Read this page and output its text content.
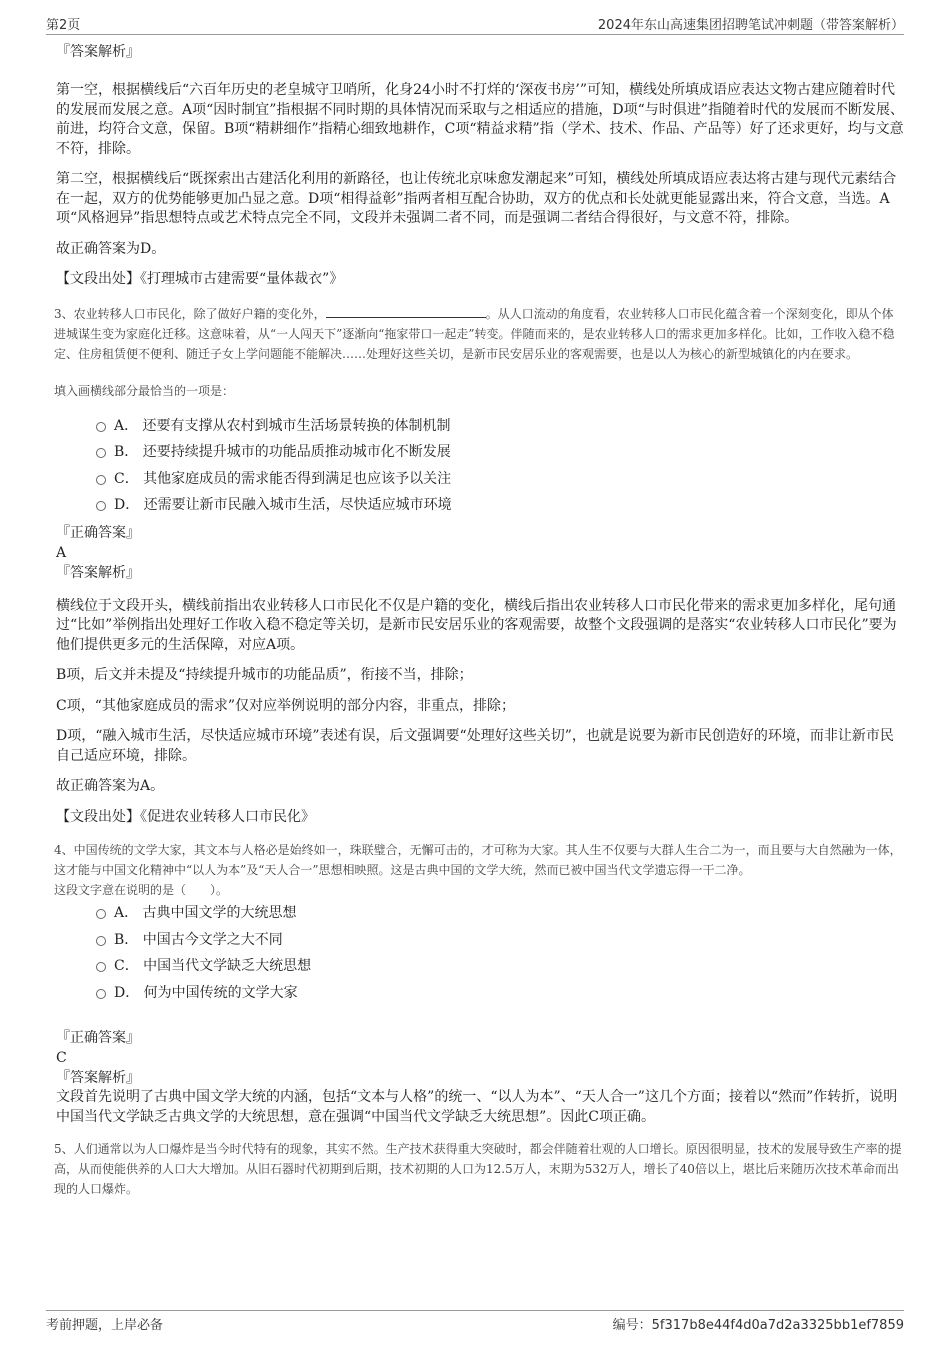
第2页	2024年东山高速集团招聘笔试冲刺题（带答案解析）
『答案解析』

第一空，根据横线后“六百年历史的老皇城守卫哨所，化身24小时不打烊的‘深夜书房’”可知，横线处所填成语应表达文物古建应随着时代的发展而发展之意。A项“因时制宜”指根据不同时期的具体情况而采取与之相适应的措施，D项“与时俱进”指随着时代的发展而不断发展、前进，均符合文意，保留。B项“精耕细作”指精心细致地耕作，C项“精益求精”指（学术、技术、作品、产品等）好了还求更好，均与文意不符，排除。

第二空，根据横线后“既探索出古建活化利用的新路径，也让传统北京味愈发潮起来”可知，横线处所填成语应表达将古建与现代元素结合在一起，双方的优势能够更加凸显之意。D项“相得益彰”指两者相互配合协助，双方的优点和长处就更能显露出来，符合文意，当选。A项“风格迥异”指思想特点或艺术特点完全不同，文段并未强调二者不同，而是强调二者结合得很好，与文意不符，排除。

故正确答案为D。

【文段出处】《打理城市古建需要“量体裁衣”》

3、农业转移人口市民化，除了做好户籍的变化外，	。从人口流动的角度看，农业转移人口市民化蕴含着一个深刻变化，即从个体进城谋生变为家庭化迁移。这意味着，从“一人闯天下”逐渐向“拖家带口一起走”转变。伴随而来的，是农业转移人口的需求更加多样化。比如，工作收入稳不稳定、住房租赁便不便利、随迁子女上学问题能不能解决……处理好这些关切，是新市民安居乐业的客观需要，也是以人为核心的新型城镇化的内在要求。

填入画横线部分最恰当的一项是：

A． 还要有支撑从农村到城市生活场景转换的体制机制
B． 还要持续提升城市的功能品质推动城市化不断发展
C． 其他家庭成员的需求能否得到满足也应该予以关注
D． 还需要让新市民融入城市生活，尽快适应城市环境
『正确答案』
A
『答案解析』

横线位于文段开头，横线前指出农业转移人口市民化不仅是户籍的变化，横线后指出农业转移人口市民化带来的需求更加多样化，尾句通过“比如”举例指出处理好工作收入稳不稳定等关切，是新市民安居乐业的客观需要，故整个文段强调的是落实“农业转移人口市民化”要为他们提供更多元的生活保障，对应A项。

B项，后文并未提及“持续提升城市的功能品质”，衔接不当，排除；

C项，“其他家庭成员的需求”仅对应举例说明的部分内容，非重点，排除；

D项，“融入城市生活，尽快适应城市环境”表述有误，后文强调要“处理好这些关切”，也就是说要为新市民创造好的环境，而非让新市民自己适应环境，排除。

故正确答案为A。

【文段出处】《促进农业转移人口市民化》

4、中国传统的文学大家，其文本与人格必是始终如一，珠联璧合，无懈可击的，才可称为大家。其人生不仅要与大群人生合二为一，而且要与大自然融为一体，这才能与中国文化精神中“以人为本”及“天人合一”思想相映照。这是古典中国的文学大统，然而已被中国当代文学遗忘得一干二净。

这段文字意在说明的是（　　）。

A． 古典中国文学的大统思想
B． 中国古今文学之大不同
C． 中国当代文学缺乏大统思想
D． 何为中国传统的文学大家
『正确答案』
C
『答案解析』

文段首先说明了古典中国文学大统的内涵，包括“文本与人格”的统一、“以人为本”、“天人合一”这几个方面；接着以“然而”作转折，说明中国当代文学缺乏古典文学的大统思想，意在强调“中国当代文学缺乏大统思想”。因此C项正确。

5、人们通常以为人口爆炸是当今时代特有的现象，其实不然。生产技术获得重大突破时，都会伴随着壮观的人口增长。原因很明显，技术的发展导致生产率的提高，从而使能供养的人口大大增加。从旧石器时代初期到后期，技术初期的人口为12.5万人，末期为532万人，增长了40倍以上，堪比后来随历次技术革命而出现的人口爆炸。

考前押题，上岸必备	编号：5f317b8e44f4d0a7d2a3325bb1ef7859
